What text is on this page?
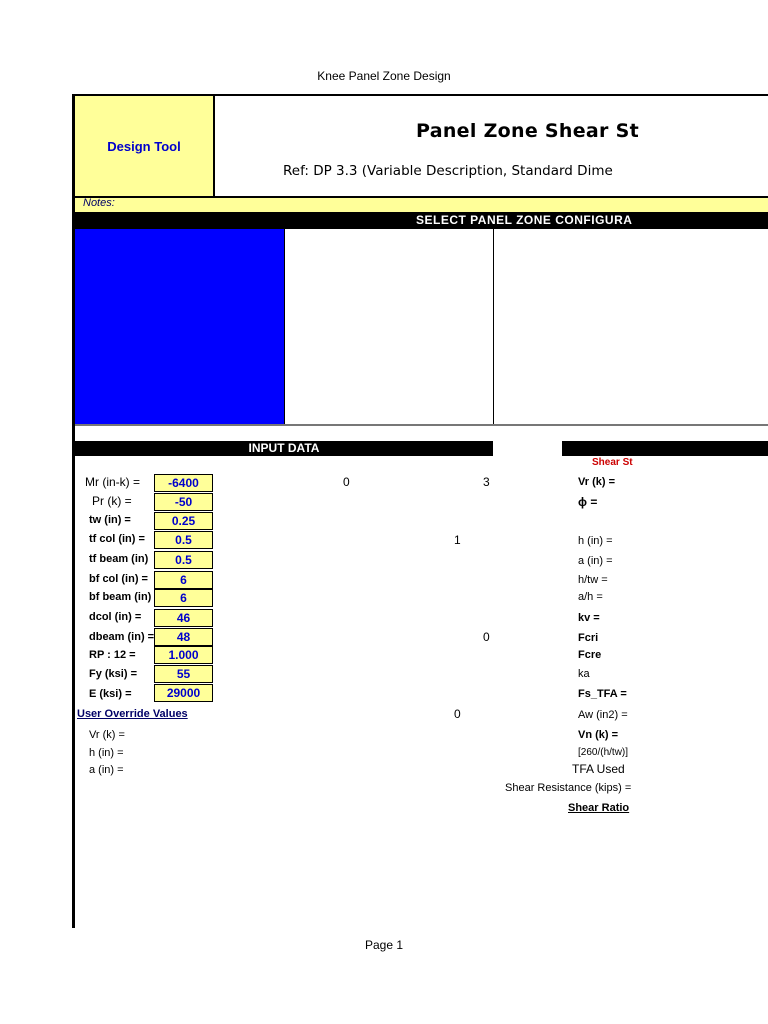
Knee Panel Zone Design
Page 1
Design Tool
Panel Zone Shear St
Ref: DP 3.3 (Variable Description, Standard Dime
Notes:
SELECT PANEL ZONE CONFIGURA
INPUT DATA
Shear St
Mr (in-k) =	-6400
Pr (k) =	-50
tw (in) =	0.25
tf col (in) =	0.5
tf beam (in)	0.5
bf col (in) =	6
bf beam (in)	6
dcol (in) =	46
dbeam (in) =	48
RP : 12 =	1.000
Fy (ksi) =	55
E (ksi) =	29000
0	3
1
0
0
User Override Values
Vr (k) =
h (in) =
a (in) =
Vr (k) =
ϕ =
h (in) =
a (in) =
h/tw =
a/h =
kv =
Fcri
Fcre
ka
Fs_TFA =
Aw (in2) =
Vn (k) =
[260/(h/tw)]
TFA Used
Shear Resistance (kips) =
Shear Ratio
